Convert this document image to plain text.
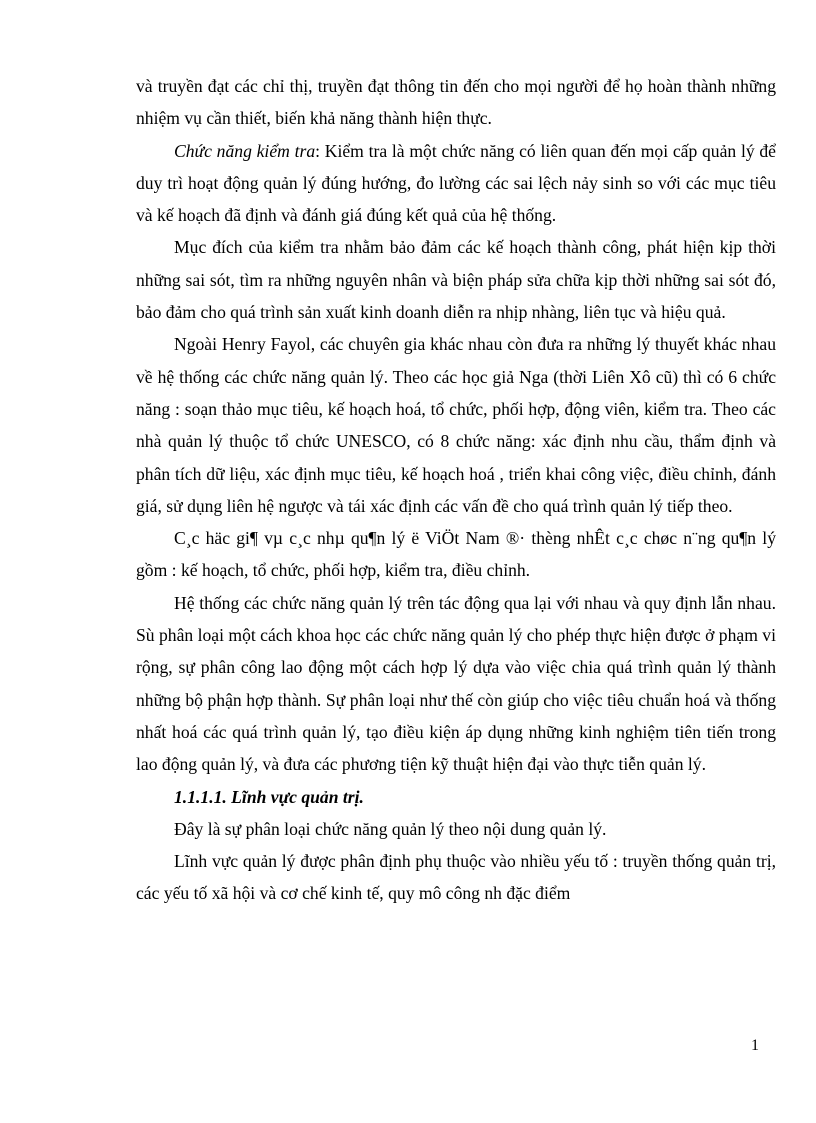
và truyền đạt các chỉ thị, truyền đạt thông tin đến cho mọi người để họ hoàn thành những nhiệm vụ cần thiết, biến khả năng thành hiện thực.

Chức năng kiểm tra: Kiểm tra là một chức năng có liên quan đến mọi cấp quản lý để duy trì hoạt động quản lý đúng hướng, đo lường các sai lệch nảy sinh so với các mục tiêu và kế hoạch đã định và đánh giá đúng kết quả của hệ thống.

Mục đích của kiểm tra nhằm bảo đảm các kế hoạch thành công, phát hiện kịp thời những sai sót, tìm ra những nguyên nhân và biện pháp sửa chữa kịp thời những sai sót đó, bảo đảm cho quá trình sản xuất kinh doanh diễn ra nhịp nhàng, liên tục và hiệu quả.

Ngoài Henry Fayol, các chuyên gia khác nhau còn đưa ra những lý thuyết khác nhau về hệ thống các chức năng quản lý. Theo các học giả Nga (thời Liên Xô cũ) thì có 6 chức năng : soạn thảo mục tiêu, kế hoạch hoá, tổ chức, phối hợp, động viên, kiểm tra. Theo các nhà quản lý thuộc tổ chức UNESCO, có 8 chức năng: xác định nhu cầu, thẩm định và phân tích dữ liệu, xác định mục tiêu, kế hoạch hoá , triển khai công việc, điều chỉnh, đánh giá, sử dụng liên hệ ngược và tái xác định các vấn đề cho quá trình quản lý tiếp theo.

C¸c häc gi¶ vµ c¸c nhµ qu¶n lý ë ViÖt Nam ®· thèng nhÊt c¸c chøc n¨ng qu¶n lý gồm : kế hoạch, tổ chức, phối hợp, kiểm tra, điều chỉnh.

Hệ thống các chức năng quản lý trên tác động qua lại với nhau và quy định lẫn nhau. Sù phân loại một cách khoa học các chức năng quản lý cho phép thực hiện được ở phạm vi rộng, sự phân công lao động một cách hợp lý dựa vào việc chia quá trình quản lý thành những bộ phận hợp thành. Sự phân loại như thế còn giúp cho việc tiêu chuẩn hoá và thống nhất hoá các quá trình quản lý, tạo điều kiện áp dụng những kinh nghiệm tiên tiến trong lao động quản lý, và đưa các phương tiện kỹ thuật hiện đại vào thực tiễn quản lý.

1.1.1.1. Lĩnh vực quản trị.

Đây là sự phân loại chức năng quản lý theo nội dung quản lý.

Lĩnh vực quản lý được phân định phụ thuộc vào nhiều yếu tố : truyền thống quản trị, các yếu tố xã hội và cơ chế kinh tế, quy mô công nh đặc điểm

1
